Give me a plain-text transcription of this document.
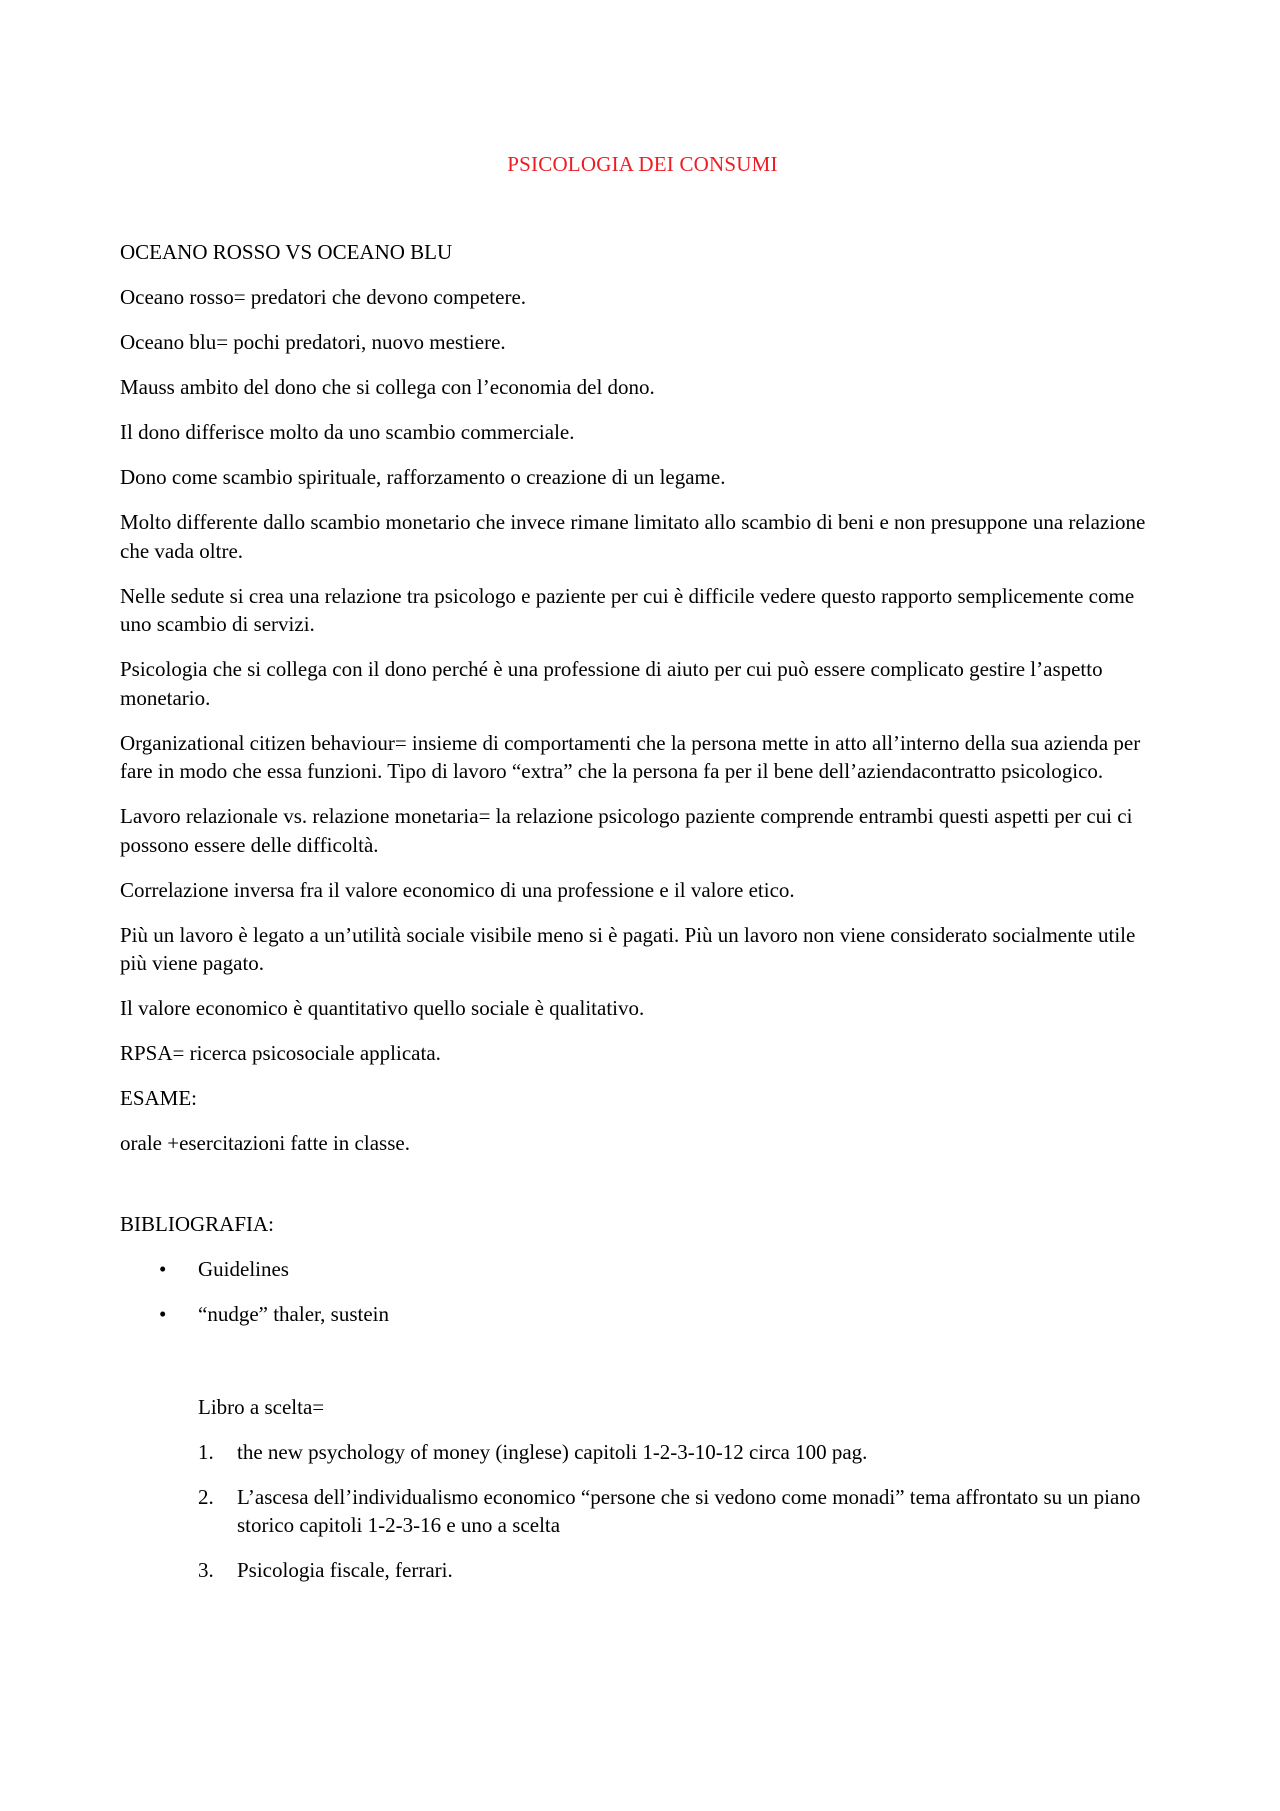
PSICOLOGIA DEI CONSUMI
OCEANO ROSSO VS OCEANO BLU
Oceano rosso= predatori che devono competere.
Oceano blu= pochi predatori, nuovo mestiere.
Mauss ambito del dono che si collega con l’economia del dono.
Il dono differisce molto da uno scambio commerciale.
Dono come scambio spirituale, rafforzamento o creazione di un legame.
Molto differente dallo scambio monetario che invece rimane limitato allo scambio di beni e non presuppone una relazione che vada oltre.
Nelle sedute si crea una relazione tra psicologo e paziente per cui è difficile vedere questo rapporto semplicemente come uno scambio di servizi.
Psicologia che si collega con il dono perché è una professione di aiuto per cui può essere complicato gestire l’aspetto monetario.
Organizational citizen behaviour= insieme di comportamenti che la persona mette in atto all’interno della sua azienda per fare in modo che essa funzioni. Tipo di lavoro “extra” che la persona fa per il bene dell’aziendacontratto psicologico.
Lavoro relazionale vs. relazione monetaria= la relazione psicologo paziente comprende entrambi questi aspetti per cui ci possono essere delle difficoltà.
Correlazione inversa fra il valore economico di una professione e il valore etico.
Più un lavoro è legato a un’utilità sociale visibile meno si è pagati. Più un lavoro non viene considerato socialmente utile più viene pagato.
Il valore economico è quantitativo quello sociale è qualitativo.
RPSA= ricerca psicosociale applicata.
ESAME:
orale +esercitazioni fatte in classe.
BIBLIOGRAFIA:
• Guidelines
• “nudge” thaler, sustein
Libro a scelta=
1. the new psychology of money (inglese) capitoli 1-2-3-10-12 circa 100 pag.
2. L’ascesa dell’individualismo economico “persone che si vedono come monadi” tema affrontato su un piano storico capitoli 1-2-3-16 e uno a scelta
3. Psicologia fiscale, ferrari.
